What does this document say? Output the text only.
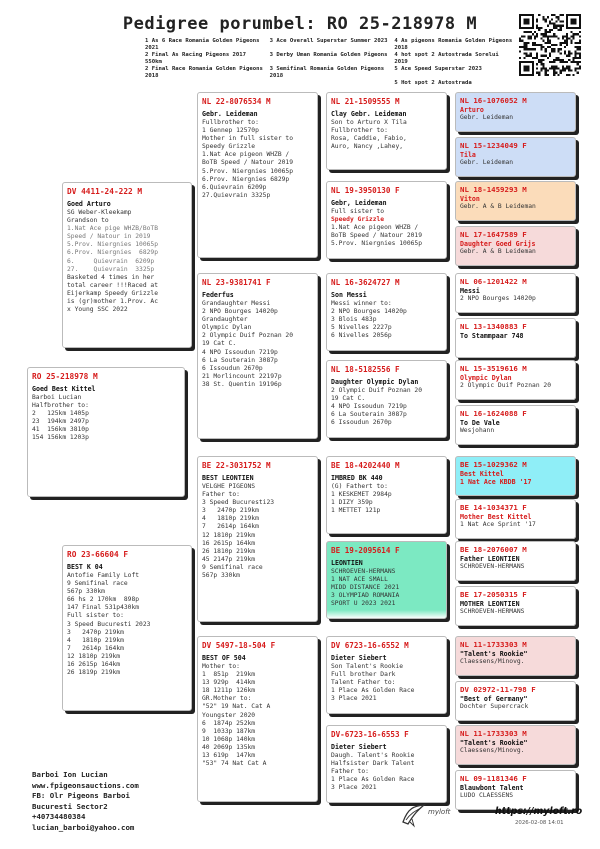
Pedigree porumbel: RO 25-218978 M
1 As 6 Race Romania Golden Pigeons 2021
3 Ace Overall Superstar Summer 2023	4 As pigeons Romania Golden Pigeons 2018
2 Final As Racing Pigeons 2017 550km
3 Derby Uman Romania Golden Pigeons	4 hot spot 2 Autostrada Sorelui 2019
2 Final Race Romania Golden Pigeons 2018
3 Semifinal Romania Golden Pigeons 2018
5 Ace Speed Superstar 2023
5 Hot spot 2 Autostrada
RO 25-218978 M
Goed Best Kittel
Barboi Lucian
Halfbrother to:
2   125km 1405p
23  194km 2497p
41  156km 3810p
154 156km 1203p
DV 4411-24-222 M
Goed Arturo
SG Weber-Kleekamp
Grandson to
1.Nat Ace pige WHZB/BoTB
Speed / Natour in 2019
5.Prov. Niergnies 10065p
6.Prov. Niergnies  6829p
6.     Quievrain  6209p
27.    Quievrain  3325p
Basketed 4 times in her
total career !!!Raced at
Eijerkamp Speedy Grizzle
is (gr)mother 1.Prov. Ac
x Young SSC 2022
RO 23-66604 F
BEST K 04
Antofie Family Loft
9 Semifinal race
567p 330km
66 hs 2 170km  898p
147 Final 531p430km
Full sister to:
3 Speed Bucuresti 2023
3   2470p 219km
4   1810p 219km
7   2614p 164km
12 1810p 219km
16 2615p 164km
26 1819p 219km
NL 22-8076534 M
Gebr. Leideman
Fullbrother to:
1 Gennep 12570p
Mother in full sister to
Speedy Grizzle
1.Nat Ace pigeon WHZB /
BoTB Speed / Natour 2019
5.Prov. Niergnies 10065p
6.Prov. Niergnies 6829p
6.Quievrain 6209p
27.Quievrain 3325p
NL 23-9381741 F
Federfus
Grandaughter Messi
2 NPO Bourges 14020p
Grandaughter
Olympic Dylan
2 Olympic Duif Poznan 20
19 Cat C.
4 NPO Issoudun 7219p
6 La Souterain 3087p
6 Issoudun 2670p
21 Morlincount 22197p
38 St. Quentin 19196p
BE 22-3031752 M
BEST LEONTIEN
VELGHE PIGEONS
Father to:
3 Speed Bucuresti23
3   2470p 219km
4   1810p 219km
7   2614p 164km
12 1810p 219km
16 2615p 164km
26 1810p 219km
45 2147p 219km
9 Semifinal race
567p 330km
DV 5497-18-504 F
BEST OF 504
Mother to:
1  851p  219km
13 929p  414km
18 1211p 126km
GR.Mother to:
"52" 19 Nat. Cat A
Youngster 2020
6  1874p 252km
9  1033p 187km
10 1068p 140km
40 2069p 135km
13 619p  147km
"53" 74 Nat Cat A
NL 21-1509555 M
Clay Gebr. Leideman
Son to Arturo X Tila
Fullbrother to:
Rosa, Caddie, Fabio,
Auro, Nancy ,Lahey,
NL 19-3950130 F
Gebr, Leideman
Full sister to
Speedy Grizzle
1.Nat Ace pigeon WHZB /
BoTB Speed / Natour 2019
5.Prov. Niergnies 10065p
NL 16-3624727 M
Son Messi
Messi winner to:
2 NPO Bourges 14020p
3 Blois 483p
5 Nivelles 2227p
6 Nivelles 2056p
NL 18-5182556 F
Daughter Olympic Dylan
2 Olympic Duif Poznan 20
19 Cat C.
4 NPO Issoudun 7219p
6 La Souterain 3087p
6 Issoudun 2670p
BE 18-4202440 M
IMBRED BK 440
(G) Fathert to:
1 KESKEMET 2984p
1 DIZY 359p
1 METTET 121p
BE 19-2095614 F
LEONTIEN
SCHROEVEN-HERMANS
1 NAT ACE SMALL
MIDD DISTANCE 2021
3 OLYMPIAD ROMANIA
SPORT U 2023 2021
DV 6723-16-6552 M
Dieter Siebert
Son Talent's Rookie
Full brother Dark
Talent Father to:
1 Place As Golden Race
3 Place 2021
DV-6723-16-6553 F
Dieter Siebert
Daugh. Talent's Rookie
Halfsister Dark Talent
Father to:
1 Place As Golden Race
3 Place 2021
NL 16-1076052 M
Arturo
Gebr. Leideman
NL 15-1234049 F
Tila
Gebr. Leideman
NL 18-1459293 M
Viton
Gebr. A & B Leideman
NL 17-1647589 F
Daughter Goed Grijs
Gebr. A & B Leideman
NL 06-1201422 M
Messi
2 NPO Bourges 14020p
NL 13-1340883 F
To Stammpaar 748
NL 15-3519616 M
Olympic Dylan
2 Olympic Duif Poznan 20
NL 16-1624088 F
To De Vale
Wesjohann
BE 15-1029362 M
Best Kittel
1 Nat Ace KBDB '17
BE 14-1034371 F
Mother Best Kittel
1 Nat Ace Sprint '17
BE 18-2076007 M
Father LEONTIEN
SCHROEVEN-HERMANS
BE 17-2050315 F
MOTHER LEONTIEN
SCHROEVEN-HERMANS
NL 11-1733303 M
"Talent's Rookie"
Claessens/Minovg.
DV 02972-11-798 F
"Best of Germany"
Dochter Supercrack
NL 11-1733303 M
"Talent's Rookie"
Claessens/Minovg.
NL 09-1181346 F
Blauwbont Talent
LUDO CLAESSENS
Barboi Ion Lucian
www.fpigeonsauctions.com
FB: Olr Pigeons Barboi
Bucuresti Sector2
+40734480384
lucian_barboi@yahoo.com
myloft	https://myloft.ro
2026-02-08 14:01
